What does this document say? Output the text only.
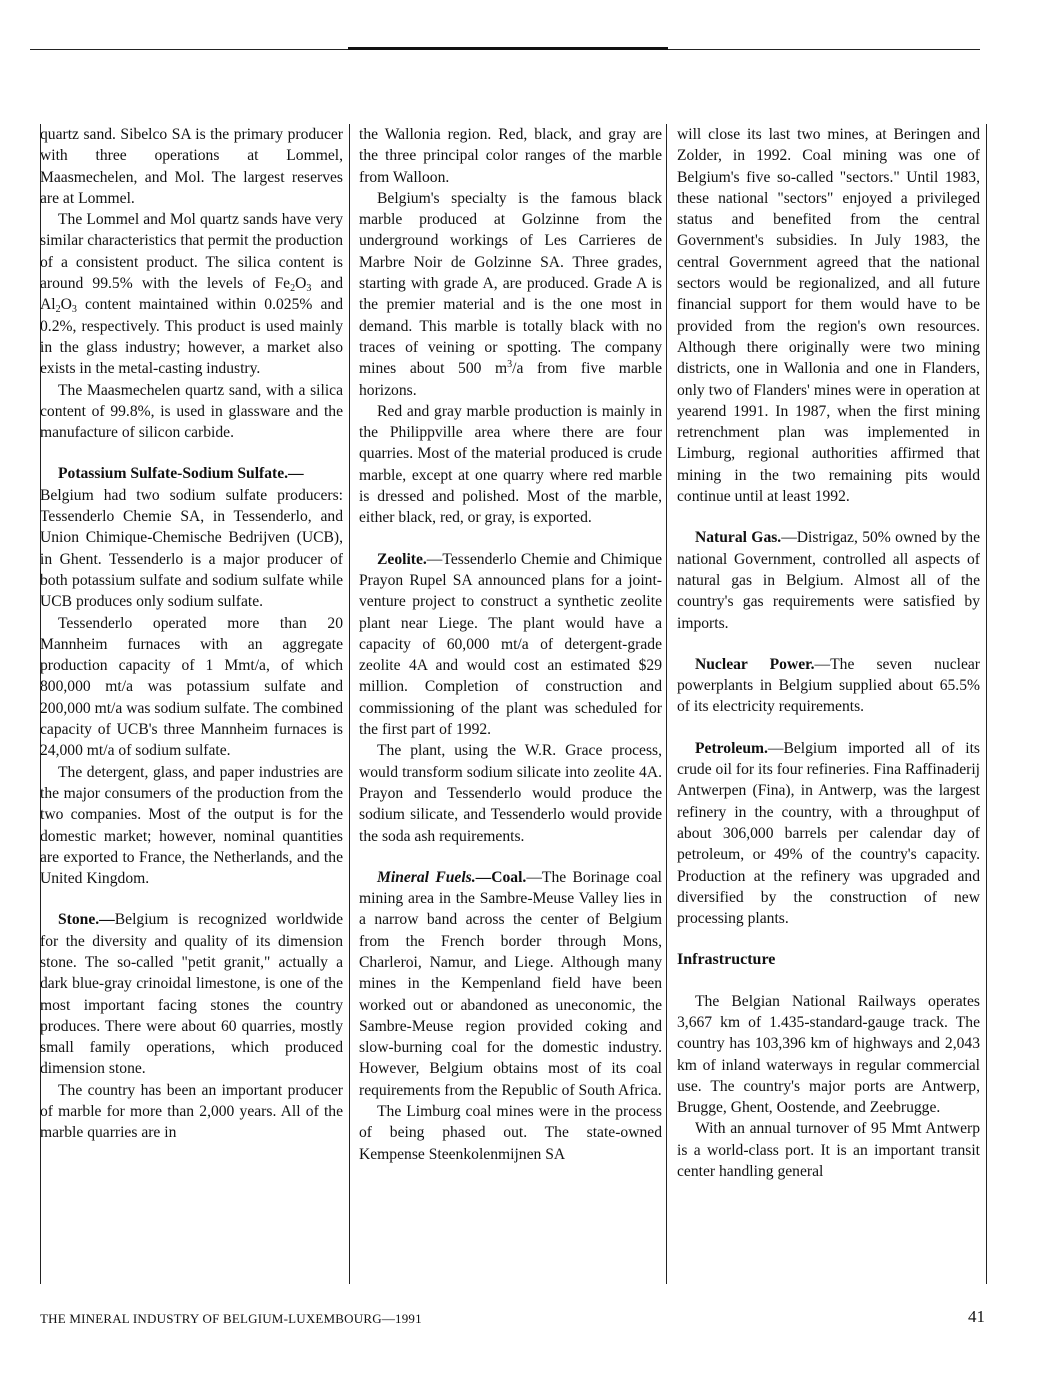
quartz sand. Sibelco SA is the primary producer with three operations at Lommel, Maasmechelen, and Mol. The largest reserves are at Lommel.

The Lommel and Mol quartz sands have very similar characteristics that permit the production of a consistent product. The silica content is around 99.5% with the levels of $Fe_2O_3$ and $Al_2O_3$ content maintained within 0.025% and 0.2%, respectively. This product is used mainly in the glass industry; however, a market also exists in the metal-casting industry.

The Maasmechelen quartz sand, with a silica content of 99.8%, is used in glassware and the manufacture of silicon carbide.

Potassium Sulfate-Sodium Sulfate.—

Belgium had two sodium sulfate producers: Tessenderlo Chemie SA, in Tessenderlo, and Union Chimique-Chemische Bedrijven (UCB), in Ghent. Tessenderlo is a major producer of both potassium sulfate and sodium sulfate while UCB produces only sodium sulfate.

Tessenderlo operated more than 20 Mannheim furnaces with an aggregate production capacity of 1 Mmt/a, of which 800,000 mt/a was potassium sulfate and 200,000 mt/a was sodium sulfate. The combined capacity of UCB's three Mannheim furnaces is 24,000 mt/a of sodium sulfate.

The detergent, glass, and paper industries are the major consumers of the production from the two companies. Most of the output is for the domestic market; however, nominal quantities are exported to France, the Netherlands, and the United Kingdom.

Stone.—Belgium is recognized worldwide for the diversity and quality of its dimension stone. The so-called "petit granit," actually a dark blue-gray crinoidal limestone, is one of the most important facing stones the country produces. There were about 60 quarries, mostly small family operations, which produced dimension stone.

The country has been an important producer of marble for more than 2,000 years. All of the marble quarries are in

the Wallonia region. Red, black, and gray are the three principal color ranges of the marble from Walloon.

Belgium's specialty is the famous black marble produced at Golzinne from the underground workings of Les Carrieres de Marbre Noir de Golzinne SA. Three grades, starting with grade A, are produced. Grade A is the premier material and is the one most in demand. This marble is totally black with no traces of veining or spotting. The company mines about 500 $m^3/a$ from five marble horizons.

Red and gray marble production is mainly in the Philippville area where there are four quarries. Most of the material produced is crude marble, except at one quarry where red marble is dressed and polished. Most of the marble, either black, red, or gray, is exported.

Zeolite.—Tessenderlo Chemie and Chimique Prayon Rupel SA announced plans for a joint-venture project to construct a synthetic zeolite plant near Liege. The plant would have a capacity of 60,000 mt/a of detergent-grade zeolite 4A and would cost an estimated $29 million. Completion of construction and commissioning of the plant was scheduled for the first part of 1992.

The plant, using the W.R. Grace process, would transform sodium silicate into zeolite 4A. Prayon and Tessenderlo would produce the sodium silicate, and Tessenderlo would provide the soda ash requirements.

Mineral Fuels.—Coal.—The Borinage coal mining area in the Sambre-Meuse Valley lies in a narrow band across the center of Belgium from the French border through Mons, Charleroi, Namur, and Liege. Although many mines in the Kempenland field have been worked out or abandoned as uneconomic, the Sambre-Meuse region provided coking and slow-burning coal for the domestic industry. However, Belgium obtains most of its coal requirements from the Republic of South Africa.

The Limburg coal mines were in the process of being phased out. The state-owned Kempense Steenkolenmijnen SA

will close its last two mines, at Beringen and Zolder, in 1992. Coal mining was one of Belgium's five so-called "sectors." Until 1983, these national "sectors" enjoyed a privileged status and benefited from the central Government's subsidies. In July 1983, the central Government agreed that the national sectors would be regionalized, and all future financial support for them would have to be provided from the region's own resources. Although there originally were two mining districts, one in Wallonia and one in Flanders, only two of Flanders' mines were in operation at yearend 1991. In 1987, when the first mining retrenchment plan was implemented in Limburg, regional authorities affirmed that mining in the two remaining pits would continue until at least 1992.

Natural Gas.—Distrigaz, 50% owned by the national Government, controlled all aspects of natural gas in Belgium. Almost all of the country's gas requirements were satisfied by imports.

Nuclear Power.—The seven nuclear powerplants in Belgium supplied about 65.5% of its electricity requirements.

Petroleum.—Belgium imported all of its crude oil for its four refineries. Fina Raffinaderij Antwerpen (Fina), in Antwerp, was the largest refinery in the country, with a throughput of about 306,000 barrels per calendar day of petroleum, or 49% of the country's capacity. Production at the refinery was upgraded and diversified by the construction of new processing plants.

Infrastructure

The Belgian National Railways operates 3,667 km of 1.435-standard-gauge track. The country has 103,396 km of highways and 2,043 km of inland waterways in regular commercial use. The country's major ports are Antwerp, Brugge, Ghent, Oostende, and Zeebrugge.

With an annual turnover of 95 Mmt Antwerp is a world-class port. It is an important transit center handling general

THE MINERAL INDUSTRY OF BELGIUM-LUXEMBOURG—1991	41
